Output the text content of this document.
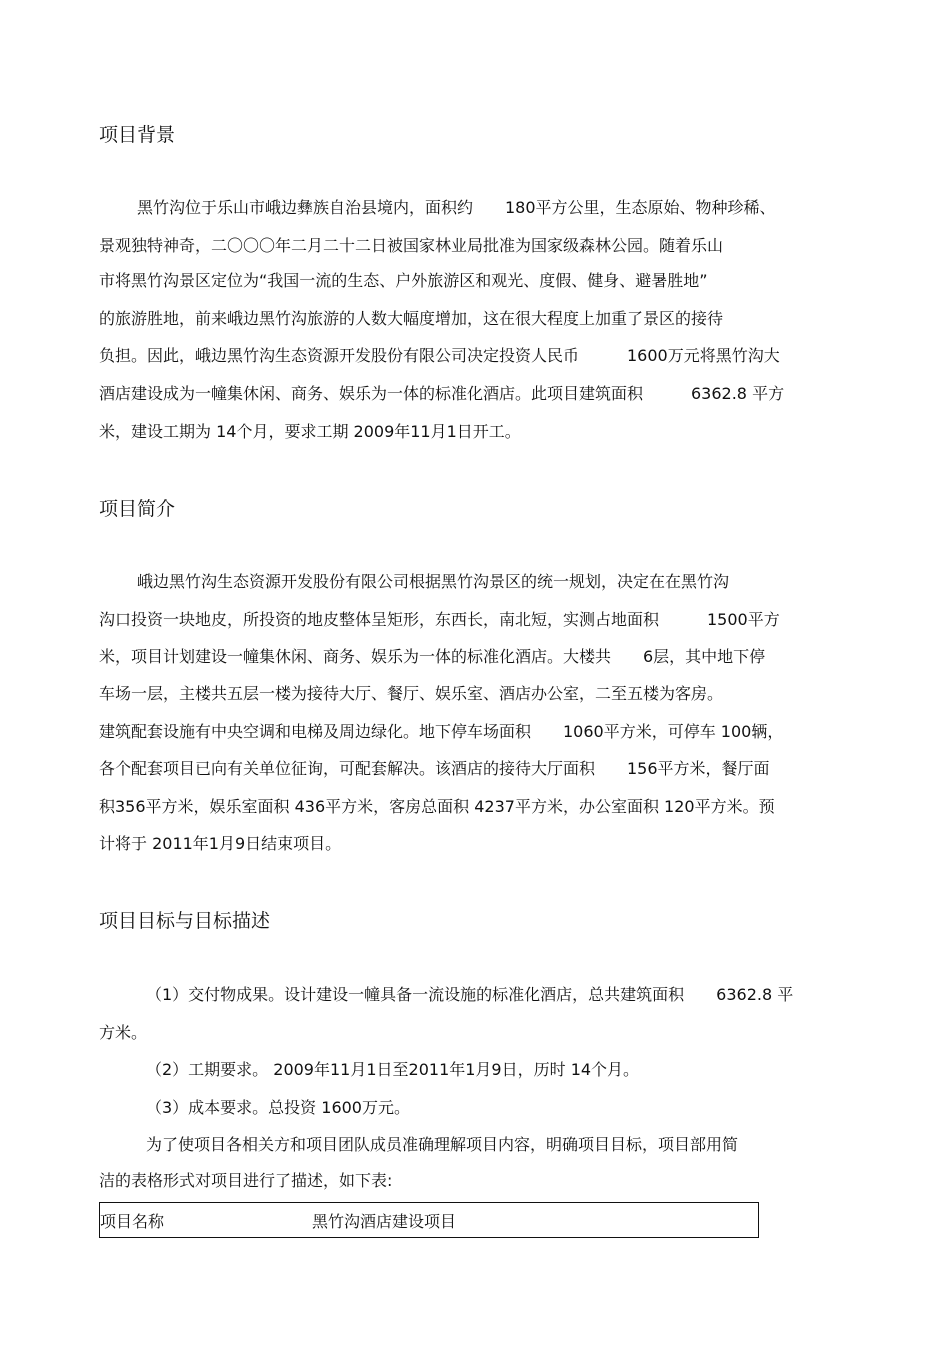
项目背景

黑竹沟位于乐山市峨边彝族自治县境内，面积约　　180平方公里，生态原始、物种珍稀、

景观独特神奇，二〇〇〇年二月二十二日被国家林业局批准为国家级森林公园。随着乐山

市将黑竹沟景区定位为“我国一流的生态、户外旅游区和观光、度假、健身、避暑胜地”

的旅游胜地，前来峨边黑竹沟旅游的人数大幅度增加，这在很大程度上加重了景区的接待

负担。因此，峨边黑竹沟生态资源开发股份有限公司决定投资人民币　　　1600万元将黑竹沟大

酒店建设成为一幢集休闲、商务、娱乐为一体的标准化酒店。此项目建筑面积　　　6362.8 平方

米，建设工期为 14个月，要求工期 2009年11月1日开工。

项目简介

峨边黑竹沟生态资源开发股份有限公司根据黑竹沟景区的统一规划，决定在在黑竹沟

沟口投资一块地皮，所投资的地皮整体呈矩形，东西长，南北短，实测占地面积　　　1500平方

米，项目计划建设一幢集休闲、商务、娱乐为一体的标准化酒店。大楼共　　6层，其中地下停

车场一层，主楼共五层一楼为接待大厅、餐厅、娱乐室、酒店办公室，二至五楼为客房。

建筑配套设施有中央空调和电梯及周边绿化。地下停车场面积　　1060平方米，可停车 100辆，

各个配套项目已向有关单位征询，可配套解决。该酒店的接待大厅面积　　156平方米，餐厅面

积356平方米，娱乐室面积 436平方米，客房总面积 4237平方米，办公室面积 120平方米。预

计将于 2011年1月9日结束项目。

项目目标与目标描述

（1）交付物成果。设计建设一幢具备一流设施的标准化酒店，总共建筑面积　　6362.8 平

方米。

（2）工期要求。 2009年11月1日至2011年1月9日，历时 14个月。

（3）成本要求。总投资 1600万元。

为了使项目各相关方和项目团队成员准确理解项目内容，明确项目目标，项目部用简

洁的表格形式对项目进行了描述，如下表:

项目名称	黑竹沟酒店建设项目
